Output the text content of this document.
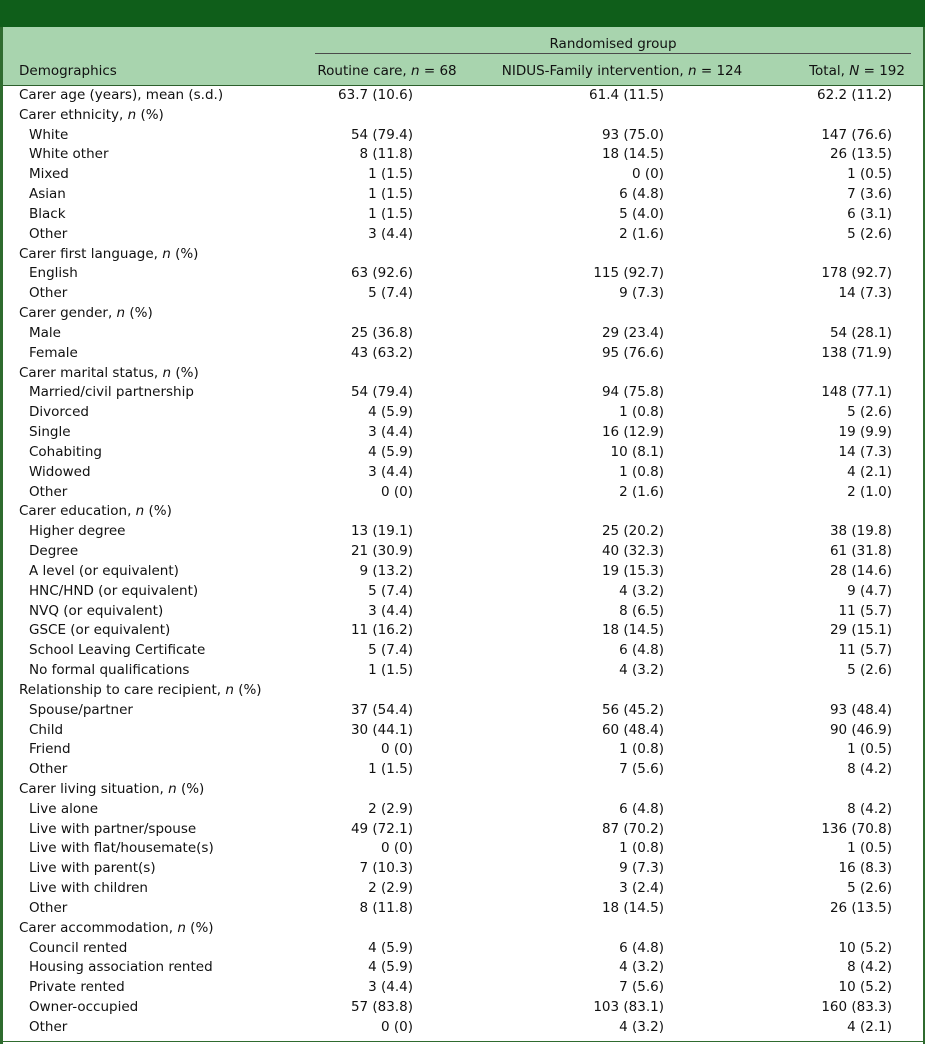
Randomised group
Demographics	Routine care, n = 68	NIDUS-Family intervention, n = 124	Total, N = 192
Carer age (years), mean (s.d.)	63.7 (10.6)	61.4 (11.5)	62.2 (11.2)
Carer ethnicity, n (%)
White	54 (79.4)	93 (75.0)	147 (76.6)
White other	8 (11.8)	18 (14.5)	26 (13.5)
Mixed	1 (1.5)	0 (0)	1 (0.5)
Asian	1 (1.5)	6 (4.8)	7 (3.6)
Black	1 (1.5)	5 (4.0)	6 (3.1)
Other	3 (4.4)	2 (1.6)	5 (2.6)
Carer first language, n (%)
English	63 (92.6)	115 (92.7)	178 (92.7)
Other	5 (7.4)	9 (7.3)	14 (7.3)
Carer gender, n (%)
Male	25 (36.8)	29 (23.4)	54 (28.1)
Female	43 (63.2)	95 (76.6)	138 (71.9)
Carer marital status, n (%)
Married/civil partnership	54 (79.4)	94 (75.8)	148 (77.1)
Divorced	4 (5.9)	1 (0.8)	5 (2.6)
Single	3 (4.4)	16 (12.9)	19 (9.9)
Cohabiting	4 (5.9)	10 (8.1)	14 (7.3)
Widowed	3 (4.4)	1 (0.8)	4 (2.1)
Other	0 (0)	2 (1.6)	2 (1.0)
Carer education, n (%)
Higher degree	13 (19.1)	25 (20.2)	38 (19.8)
Degree	21 (30.9)	40 (32.3)	61 (31.8)
A level (or equivalent)	9 (13.2)	19 (15.3)	28 (14.6)
HNC/HND (or equivalent)	5 (7.4)	4 (3.2)	9 (4.7)
NVQ (or equivalent)	3 (4.4)	8 (6.5)	11 (5.7)
GSCE (or equivalent)	11 (16.2)	18 (14.5)	29 (15.1)
School Leaving Certificate	5 (7.4)	6 (4.8)	11 (5.7)
No formal qualifications	1 (1.5)	4 (3.2)	5 (2.6)
Relationship to care recipient, n (%)
Spouse/partner	37 (54.4)	56 (45.2)	93 (48.4)
Child	30 (44.1)	60 (48.4)	90 (46.9)
Friend	0 (0)	1 (0.8)	1 (0.5)
Other	1 (1.5)	7 (5.6)	8 (4.2)
Carer living situation, n (%)
Live alone	2 (2.9)	6 (4.8)	8 (4.2)
Live with partner/spouse	49 (72.1)	87 (70.2)	136 (70.8)
Live with flat/housemate(s)	0 (0)	1 (0.8)	1 (0.5)
Live with parent(s)	7 (10.3)	9 (7.3)	16 (8.3)
Live with children	2 (2.9)	3 (2.4)	5 (2.6)
Other	8 (11.8)	18 (14.5)	26 (13.5)
Carer accommodation, n (%)
Council rented	4 (5.9)	6 (4.8)	10 (5.2)
Housing association rented	4 (5.9)	4 (3.2)	8 (4.2)
Private rented	3 (4.4)	7 (5.6)	10 (5.2)
Owner-occupied	57 (83.8)	103 (83.1)	160 (83.3)
Other	0 (0)	4 (3.2)	4 (2.1)
